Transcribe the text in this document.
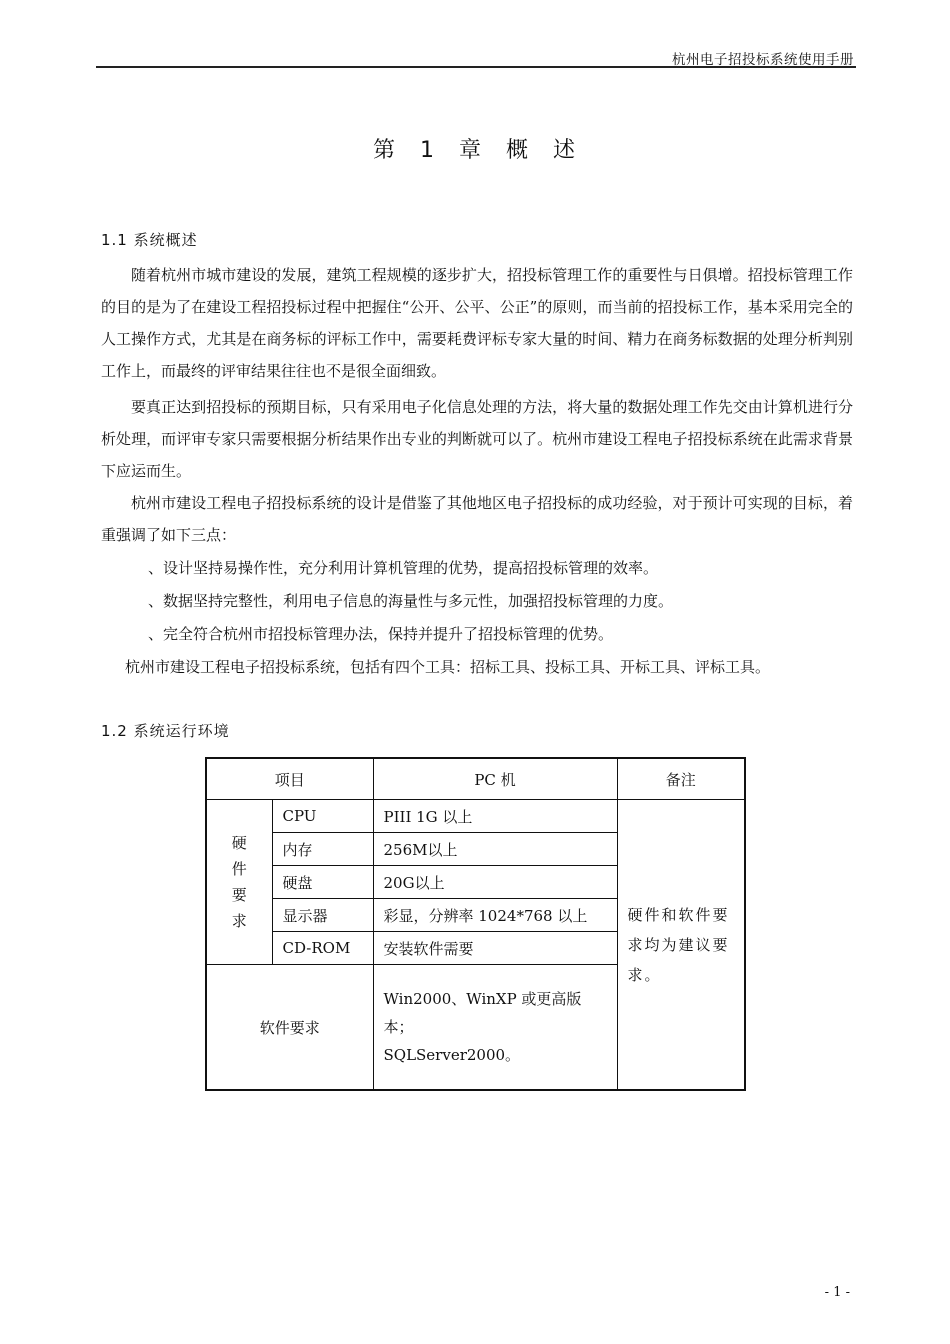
杭州电子招投标系统使用手册
第 1 章 概 述
1.1 系统概述
随着杭州市城市建设的发展，建筑工程规模的逐步扩大，招投标管理工作的重要性与日俱增。招投标管理工作的目的是为了在建设工程招投标过程中把握住“公开、公平、公正”的原则，而当前的招投标工作，基本采用完全的人工操作方式，尤其是在商务标的评标工作中，需要耗费评标专家大量的时间、精力在商务标数据的处理分析判别工作上，而最终的评审结果往往也不是很全面细致。
要真正达到招投标的预期目标，只有采用电子化信息处理的方法，将大量的数据处理工作先交由计算机进行分析处理，而评审专家只需要根据分析结果作出专业的判断就可以了。杭州市建设工程电子招投标系统在此需求背景下应运而生。
杭州市建设工程电子招投标系统的设计是借鉴了其他地区电子招投标的成功经验，对于预计可实现的目标，着重强调了如下三点：
、设计坚持易操作性，充分利用计算机管理的优势，提高招投标管理的效率。
、数据坚持完整性，利用电子信息的海量性与多元性，加强招投标管理的力度。
、完全符合杭州市招投标管理办法，保持并提升了招投标管理的优势。
杭州市建设工程电子招投标系统，包括有四个工具：招标工具、投标工具、开标工具、评标工具。
1.2 系统运行环境
项目		PC 机	备注

硬
件
要
求	CPU	PIII 1G 以上	硬件和软件要求均为建议要求。
	内存	256M以上	
	硬盘	20G以上	
	显示器	彩显，分辨率 1024*768 以上	
	CD-ROM	安装软件需要	
软件要求		Win2000、WinXP 或更高版本；
SQLServer2000。	

- 1 -
